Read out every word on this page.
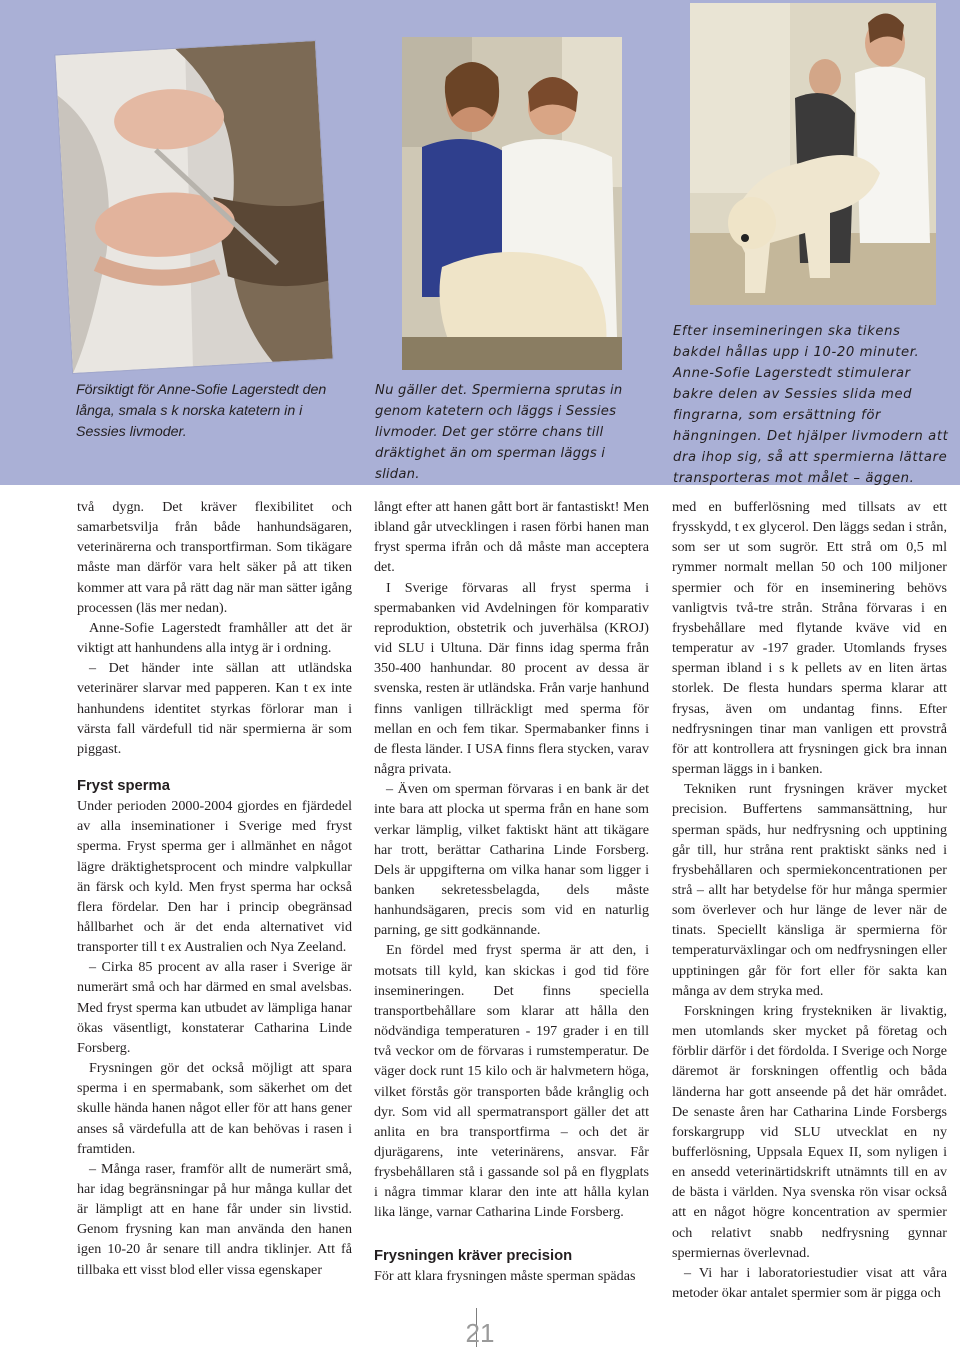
Försiktigt för Anne-Sofie Lagerstedt den långa, smala s k norska katetern in i Sessies livmoder.

Nu gäller det. Spermierna sprutas in genom katetern och läggs i Sessies livmoder. Det ger större chans till dräktighet än om sperman läggs i slidan.

Efter insemineringen ska tikens bakdel hållas upp i 10-20 minuter. Anne-Sofie Lagerstedt stimulerar bakre delen av Sessies slida med fingrarna, som ersättning för hängningen. Det hjälper livmodern att dra ihop sig, så att spermierna lättare transporteras mot målet – äggen.

två dygn. Det kräver flexibilitet och samarbetsvilja från både hanhundsägaren, veterinärerna och transportfirman. Som tikägare måste man därför vara helt säker på att tiken kommer att vara på rätt dag när man sätter igång processen (läs mer nedan).

Anne-Sofie Lagerstedt framhåller att det är viktigt att hanhundens alla intyg är i ordning.

– Det händer inte sällan att utländska veterinärer slarvar med papperen. Kan t ex inte hanhundens identitet styrkas förlorar man i värsta fall värdefull tid när spermierna är som piggast.

Fryst sperma

Under perioden 2000-2004 gjordes en fjärdedel av alla inseminationer i Sverige med fryst sperma. Fryst sperma ger i allmänhet en något lägre dräktighetsprocent och mindre valpkullar än färsk och kyld. Men fryst sperma har också flera fördelar. Den har i princip obegränsad hållbarhet och är det enda alternativet vid transporter till t ex Australien och Nya Zeeland.

– Cirka 85 procent av alla raser i Sverige är numerärt små och har därmed en smal avelsbas. Med fryst sperma kan utbudet av lämpliga hanar ökas väsentligt, konstaterar Catharina Linde Forsberg.

Frysningen gör det också möjligt att spara sperma i en spermabank, som säkerhet om det skulle hända hanen något eller för att hans gener anses så värdefulla att de kan behövas i rasen i framtiden.

– Många raser, framför allt de numerärt små, har idag begränsningar på hur många kullar det är lämpligt att en hane får under sin livstid. Genom frysning kan man använda den hanen igen 10-20 år senare till andra tiklinjer. Att få tillbaka ett visst blod eller vissa egenskaper

långt efter att hanen gått bort är fantastiskt! Men ibland går utvecklingen i rasen förbi hanen man fryst sperma ifrån och då måste man acceptera det.

I Sverige förvaras all fryst sperma i spermabanken vid Avdelningen för komparativ reproduktion, obstetrik och juverhälsa (KROJ) vid SLU i Ultuna. Där finns idag sperma från 350-400 hanhundar. 80 procent av dessa är svenska, resten är utländska. Från varje hanhund finns vanligen tillräckligt med sperma för mellan en och fem tikar. Spermabanker finns i de flesta länder. I USA finns flera stycken, varav några privata.

– Även om sperman förvaras i en bank är det inte bara att plocka ut sperma från en hane som verkar lämplig, vilket faktiskt hänt att tikägare har trott, berättar Catharina Linde Forsberg. Dels är uppgifterna om vilka hanar som ligger i banken sekretessbelagda, dels måste hanhundsägaren, precis som vid en naturlig parning, ge sitt godkännande.

En fördel med fryst sperma är att den, i motsats till kyld, kan skickas i god tid före insemineringen. Det finns speciella transportbehållare som klarar att hålla den nödvändiga temperaturen - 197 grader i en till två veckor om de förvaras i rumstemperatur. De väger dock runt 15 kilo och är halvmetern höga, vilket förstås gör transporten både krånglig och dyr. Som vid all spermatransport gäller det att anlita en bra transportfirma – och det är djurägarens, inte veterinärens, ansvar. Får frysbehållaren stå i gassande sol på en flygplats i några timmar klarar den inte att hålla kylan lika länge, varnar Catharina Linde Forsberg.

Frysningen kräver precision

För att klara frysningen måste sperman spädas

med en bufferlösning med tillsats av ett frysskydd, t ex glycerol. Den läggs sedan i strån, som ser ut som sugrör. Ett strå om 0,5 ml rymmer normalt mellan 50 och 100 miljoner spermier och för en inseminering behövs vanligtvis två-tre strån. Stråna förvaras i en frysbehållare med flytande kväve vid en temperatur av -197 grader. Utomlands fryses sperman ibland i s k pellets av en liten ärtas storlek. De flesta hundars sperma klarar att frysas, även om undantag finns. Efter nedfrysningen tinar man vanligen ett provstrå för att kontrollera att frysningen gick bra innan sperman läggs in i banken.

Tekniken runt frysningen kräver mycket precision. Buffertens sammansättning, hur sperman späds, hur nedfrysning och upptining går till, hur stråna rent praktiskt sänks ned i frysbehållaren och spermiekoncentrationen per strå – allt har betydelse för hur många spermier som överlever och hur länge de lever när de tinats. Speciellt känsliga är spermierna för temperaturväxlingar och om nedfrysningen eller upptiningen går för fort eller för sakta kan många av dem stryka med.

Forskningen kring frystekniken är livaktig, men utomlands sker mycket på företag och förblir därför i det fördolda. I Sverige och Norge däremot är forskningen offentlig och båda länderna har gott anseende på det här området. De senaste åren har Catharina Linde Forsbergs forskargrupp vid SLU utvecklat en ny bufferlösning, Uppsala Equex II, som nyligen i en ansedd veterinärtidskrift utnämnts till en av de bästa i världen. Nya svenska rön visar också att en något högre koncentration av spermier och relativt snabb nedfrysning gynnar spermiernas överlevnad.

– Vi har i laboratoriestudier visat att våra metoder ökar antalet spermier som är pigga och

21
